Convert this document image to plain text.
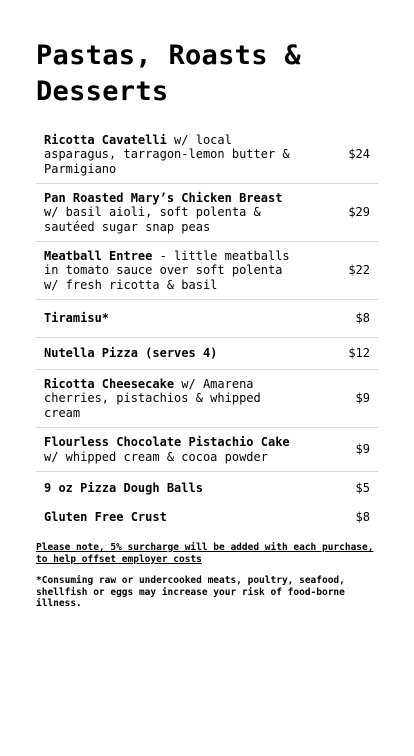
Pastas, Roasts & Desserts
Ricotta Cavatelli w/ local
asparagus, tarragon-lemon butter &
Parmigiano
$24
Pan Roasted Mary’s Chicken Breast
w/ basil aioli, soft polenta &
sautéed sugar snap peas
$29
Meatball Entree - little meatballs
in tomato sauce over soft polenta
w/ fresh ricotta & basil
$22
Tiramisu*	$8
Nutella Pizza (serves 4)	$12
Ricotta Cheesecake w/ Amarena
cherries, pistachios & whipped
cream
$9
Flourless Chocolate Pistachio Cake
w/ whipped cream & cocoa powder
$9
9 oz Pizza Dough Balls	$5
Gluten Free Crust	$8
Please note, 5% surcharge will be added with each purchase, to help offset employer costs
*Consuming raw or undercooked meats, poultry, seafood, shellfish or eggs may increase your risk of food-borne illness.
